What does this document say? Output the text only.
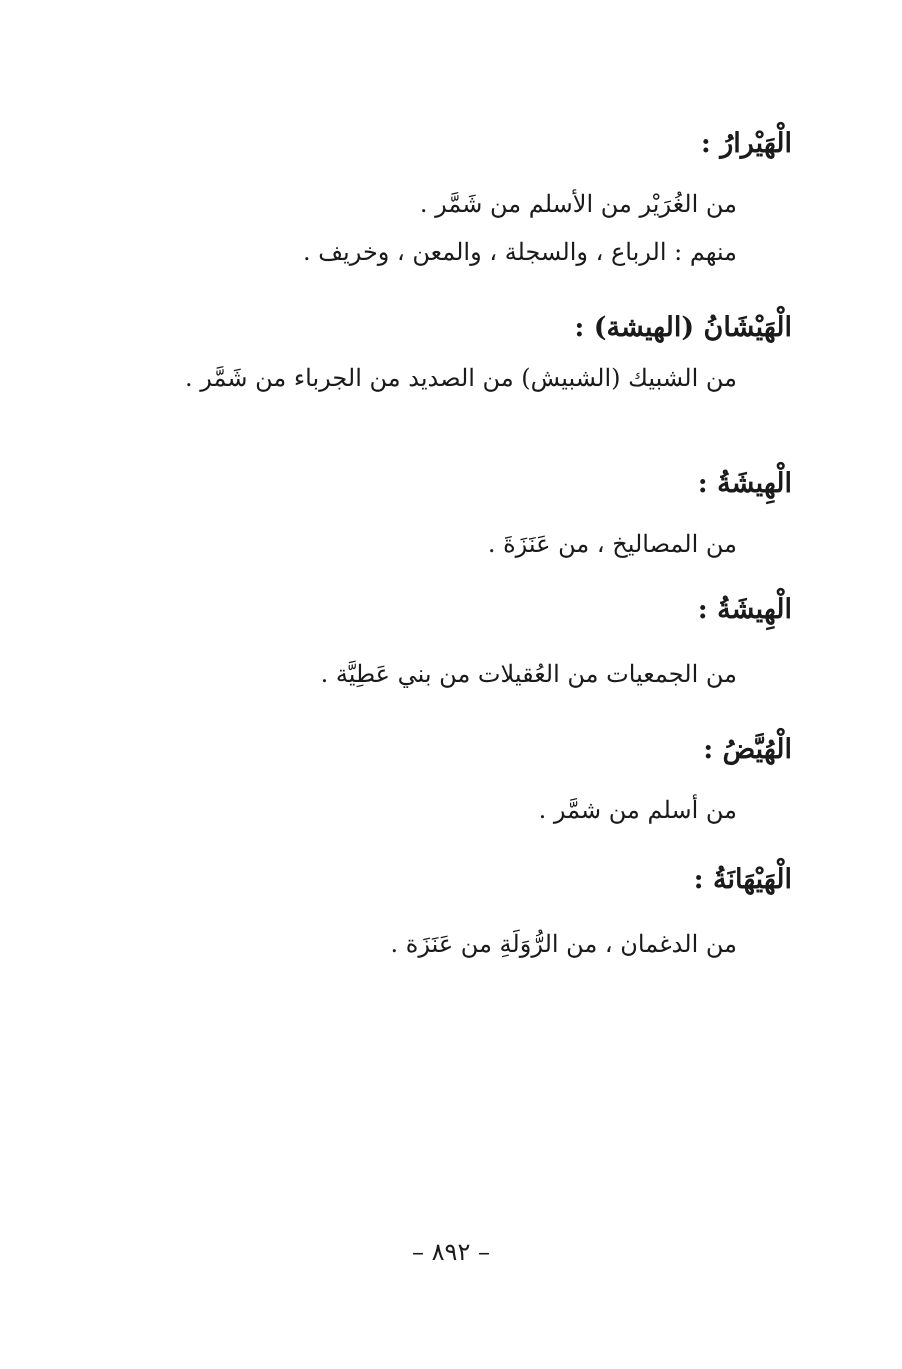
الْهَيْرارُ :
من الغُرَيْر من الأسلم من شَمَّر .
منهم : الرباع ، والسجلة ، والمعن ، وخريف .
الْهَيْشَانُ (الهيشة) :
من الشبيك (الشبيش) من الصديد من الجرباء من شَمَّر .
الْهِيشَةُ :
من المصاليخ ، من عَنَزَةَ .
الْهِيشَةُ :
من الجمعيات من العُقيلات من بني عَطِيَّة .
الْهُيَّضُ :
من أسلم من شمَّر .
الْهَيْهَانَةُ :
من الدغمان ، من الرُّوَلَةِ من عَنَزَة .
– ٨٩٢ –
